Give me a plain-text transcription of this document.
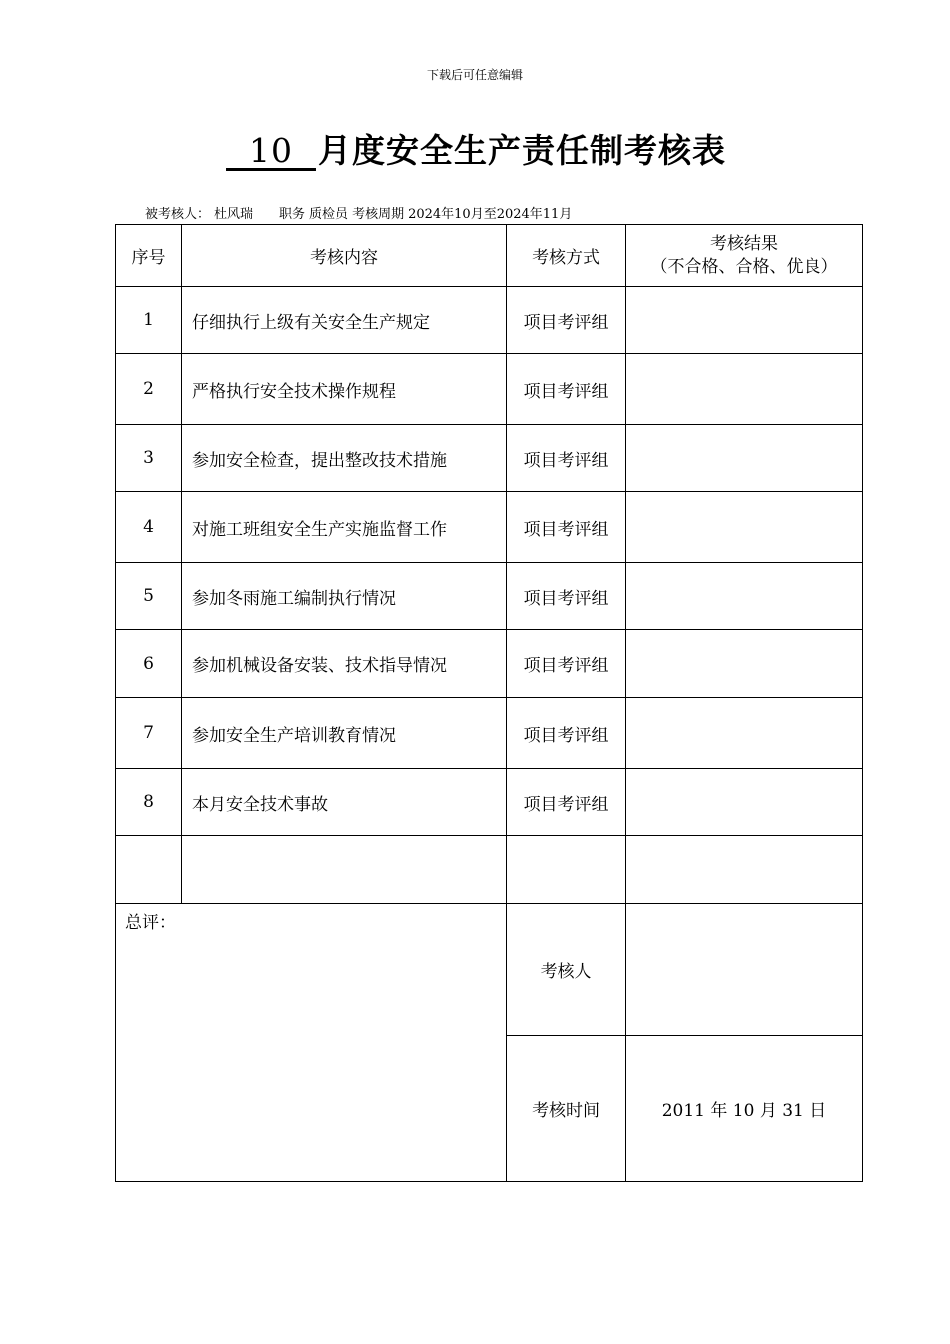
下载后可任意编辑
10 月度安全生产责任制考核表
被考核人： 杜风瑞 职务 质检员 考核周期 2024年10月至2024年11月
序号	考核内容	考核方式	考核结果
（不合格、合格、优良）

1	仔细执行上级有关安全生产规定	项目考评组	
2	严格执行安全技术操作规程	项目考评组	
3	参加安全检查，提出整改技术措施	项目考评组	
4	对施工班组安全生产实施监督工作	项目考评组	
5	参加冬雨施工编制执行情况	项目考评组	
6	参加机械设备安装、技术指导情况	项目考评组	
7	参加安全生产培训教育情况	项目考评组	
8	本月安全技术事故	项目考评组	

总评：		考核人	
		考核时间	2011 年 10 月 31 日
